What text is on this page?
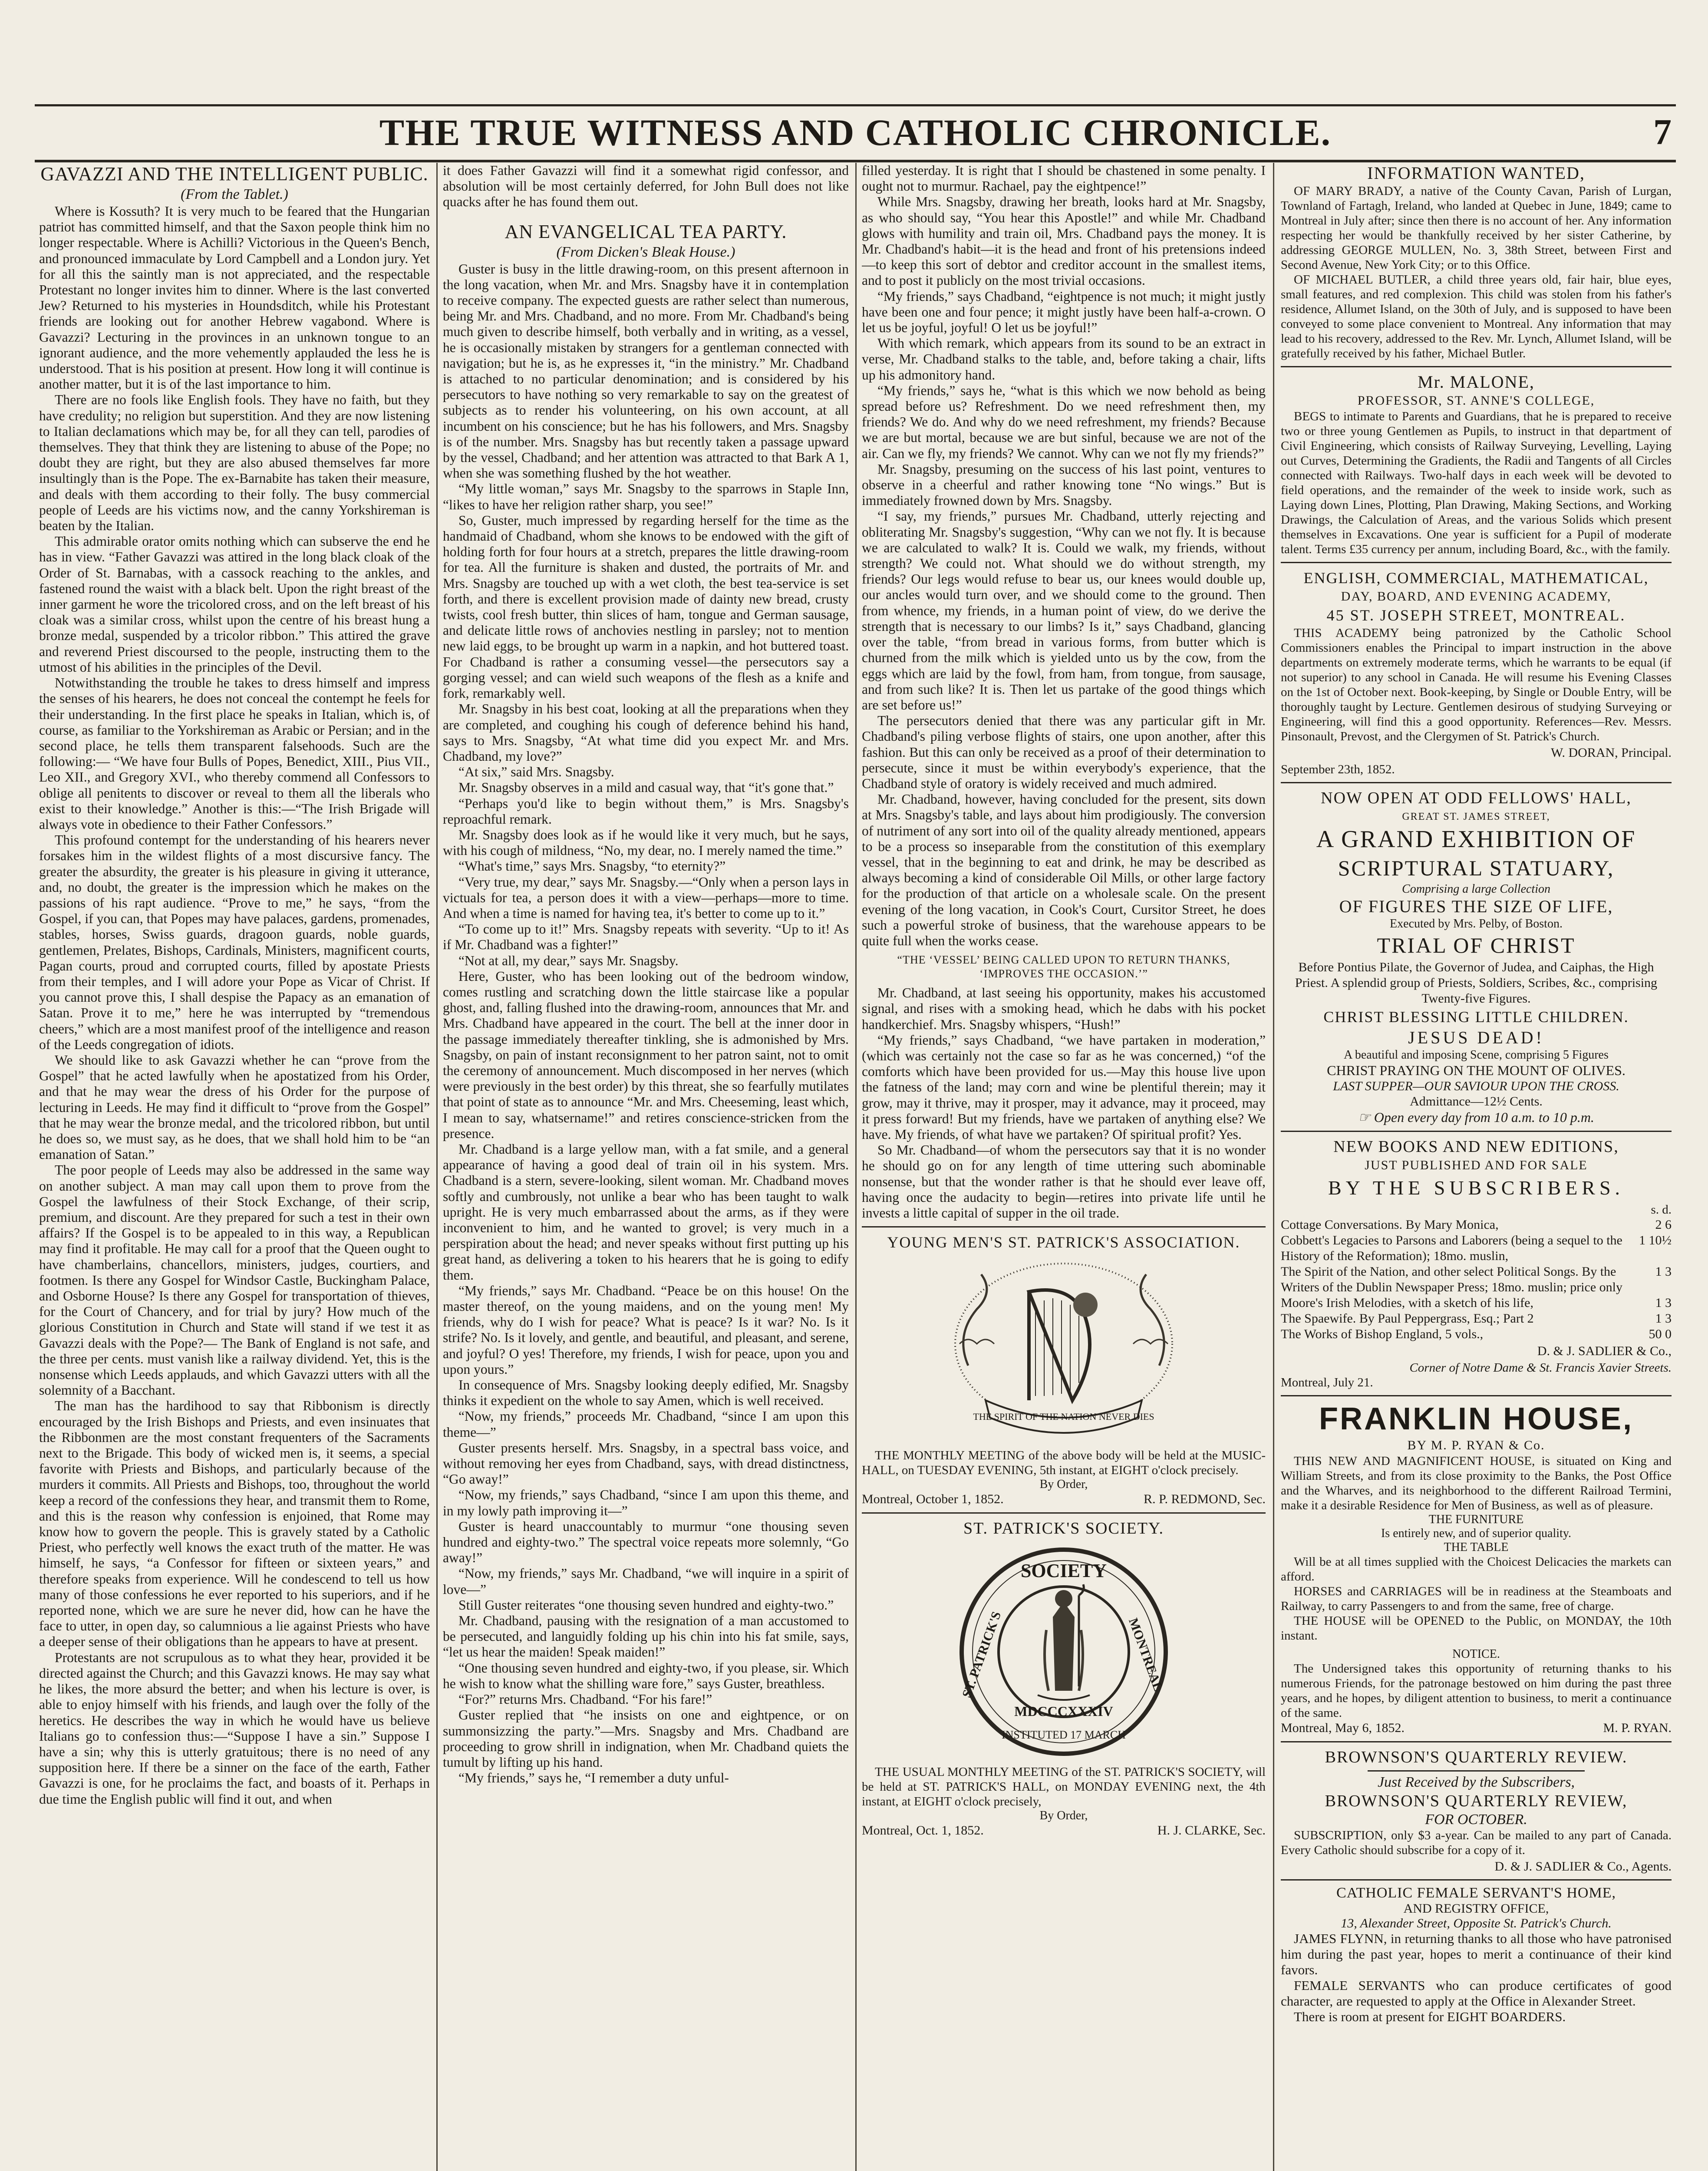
THE TRUE WITNESS AND CATHOLIC CHRONICLE.	7

GAVAZZI AND THE INTELLIGENT PUBLIC.

(From the Tablet.)

Where is Kossuth? It is very much to be feared that the Hungarian patriot has committed himself, and that the Saxon people think him no longer respectable. Where is Achilli? Victorious in the Queen's Bench, and pronounced immaculate by Lord Campbell and a London jury. Yet for all this the saintly man is not appreciated, and the respectable Protestant no longer invites him to dinner. Where is the last converted Jew? Returned to his mysteries in Houndsditch, while his Protestant friends are looking out for another Hebrew vagabond. Where is Gavazzi? Lecturing in the provinces in an unknown tongue to an ignorant audience, and the more vehemently applauded the less he is understood. That is his position at present. How long it will continue is another matter, but it is of the last importance to him.

There are no fools like English fools. They have no faith, but they have credulity; no religion but superstition. And they are now listening to Italian declamations which may be, for all they can tell, parodies of themselves. They that think they are listening to abuse of the Pope; no doubt they are right, but they are also abused themselves far more insultingly than is the Pope. The ex-Barnabite has taken their measure, and deals with them according to their folly. The busy commercial people of Leeds are his victims now, and the canny Yorkshireman is beaten by the Italian.

This admirable orator omits nothing which can subserve the end he has in view. “Father Gavazzi was attired in the long black cloak of the Order of St. Barnabas, with a cassock reaching to the ankles, and fastened round the waist with a black belt. Upon the right breast of the inner garment he wore the tricolored cross, and on the left breast of his cloak was a similar cross, whilst upon the centre of his breast hung a bronze medal, suspended by a tricolor ribbon.” This attired the grave and reverend Priest discoursed to the people, instructing them to the utmost of his abilities in the principles of the Devil.

Notwithstanding the trouble he takes to dress himself and impress the senses of his hearers, he does not conceal the contempt he feels for their understanding. In the first place he speaks in Italian, which is, of course, as familiar to the Yorkshireman as Arabic or Persian; and in the second place, he tells them transparent falsehoods. Such are the following:— “We have four Bulls of Popes, Benedict, XIII., Pius VII., Leo XII., and Gregory XVI., who thereby commend all Confessors to oblige all penitents to discover or reveal to them all the liberals who exist to their knowledge.” Another is this:—“The Irish Brigade will always vote in obedience to their Father Confessors.”

This profound contempt for the understanding of his hearers never forsakes him in the wildest flights of a most discursive fancy. The greater the absurdity, the greater is his pleasure in giving it utterance, and, no doubt, the greater is the impression which he makes on the passions of his rapt audience. “Prove to me,” he says, “from the Gospel, if you can, that Popes may have palaces, gardens, promenades, stables, horses, Swiss guards, dragoon guards, noble guards, gentlemen, Prelates, Bishops, Cardinals, Ministers, magnificent courts, Pagan courts, proud and corrupted courts, filled by apostate Priests from their temples, and I will adore your Pope as Vicar of Christ. If you cannot prove this, I shall despise the Papacy as an emanation of Satan. Prove it to me,” here he was interrupted by “tremendous cheers,” which are a most manifest proof of the intelligence and reason of the Leeds congregation of idiots.

We should like to ask Gavazzi whether he can “prove from the Gospel” that he acted lawfully when he apostatized from his Order, and that he may wear the dress of his Order for the purpose of lecturing in Leeds. He may find it difficult to “prove from the Gospel” that he may wear the bronze medal, and the tricolored ribbon, but until he does so, we must say, as he does, that we shall hold him to be “an emanation of Satan.”

The poor people of Leeds may also be addressed in the same way on another subject. A man may call upon them to prove from the Gospel the lawfulness of their Stock Exchange, of their scrip, premium, and discount. Are they prepared for such a test in their own affairs? If the Gospel is to be appealed to in this way, a Republican may find it profitable. He may call for a proof that the Queen ought to have chamberlains, chancellors, ministers, judges, courtiers, and footmen. Is there any Gospel for Windsor Castle, Buckingham Palace, and Osborne House? Is there any Gospel for transportation of thieves, for the Court of Chancery, and for trial by jury? How much of the glorious Constitution in Church and State will stand if we test it as Gavazzi deals with the Pope?— The Bank of England is not safe, and the three per cents. must vanish like a railway dividend. Yet, this is the nonsense which Leeds applauds, and which Gavazzi utters with all the solemnity of a Bacchant.

The man has the hardihood to say that Ribbonism is directly encouraged by the Irish Bishops and Priests, and even insinuates that the Ribbonmen are the most constant frequenters of the Sacraments next to the Brigade. This body of wicked men is, it seems, a special favorite with Priests and Bishops, and particularly because of the murders it commits. All Priests and Bishops, too, throughout the world keep a record of the confessions they hear, and transmit them to Rome, and this is the reason why confession is enjoined, that Rome may know how to govern the people. This is gravely stated by a Catholic Priest, who perfectly well knows the exact truth of the matter. He was himself, he says, “a Confessor for fifteen or sixteen years,” and therefore speaks from experience. Will he condescend to tell us how many of those confessions he ever reported to his superiors, and if he reported none, which we are sure he never did, how can he have the face to utter, in open day, so calumnious a lie against Priests who have a deeper sense of their obligations than he appears to have at present.

Protestants are not scrupulous as to what they hear, provided it be directed against the Church; and this Gavazzi knows. He may say what he likes, the more absurd the better; and when his lecture is over, is able to enjoy himself with his friends, and laugh over the folly of the heretics. He describes the way in which he would have us believe Italians go to confession thus:—“Suppose I have a sin.” Suppose I have a sin; why this is utterly gratuitous; there is no need of any supposition here. If there be a sinner on the face of the earth, Father Gavazzi is one, for he proclaims the fact, and boasts of it. Perhaps in due time the English public will find it out, and when

it does Father Gavazzi will find it a somewhat rigid confessor, and absolution will be most certainly deferred, for John Bull does not like quacks after he has found them out.

AN EVANGELICAL TEA PARTY.

(From Dicken's Bleak House.)

Guster is busy in the little drawing-room, on this present afternoon in the long vacation, when Mr. and Mrs. Snagsby have it in contemplation to receive company. The expected guests are rather select than numerous, being Mr. and Mrs. Chadband, and no more. From Mr. Chadband's being much given to describe himself, both verbally and in writing, as a vessel, he is occasionally mistaken by strangers for a gentleman connected with navigation; but he is, as he expresses it, “in the ministry.” Mr. Chadband is attached to no particular denomination; and is considered by his persecutors to have nothing so very remarkable to say on the greatest of subjects as to render his volunteering, on his own account, at all incumbent on his conscience; but he has his followers, and Mrs. Snagsby is of the number. Mrs. Snagsby has but recently taken a passage upward by the vessel, Chadband; and her attention was attracted to that Bark A 1, when she was something flushed by the hot weather.

“My little woman,” says Mr. Snagsby to the sparrows in Staple Inn, “likes to have her religion rather sharp, you see!”

So, Guster, much impressed by regarding herself for the time as the handmaid of Chadband, whom she knows to be endowed with the gift of holding forth for four hours at a stretch, prepares the little drawing-room for tea. All the furniture is shaken and dusted, the portraits of Mr. and Mrs. Snagsby are touched up with a wet cloth, the best tea-service is set forth, and there is excellent provision made of dainty new bread, crusty twists, cool fresh butter, thin slices of ham, tongue and German sausage, and delicate little rows of anchovies nestling in parsley; not to mention new laid eggs, to be brought up warm in a napkin, and hot buttered toast. For Chadband is rather a consuming vessel—the persecutors say a gorging vessel; and can wield such weapons of the flesh as a knife and fork, remarkably well.

Mr. Snagsby in his best coat, looking at all the preparations when they are completed, and coughing his cough of deference behind his hand, says to Mrs. Snagsby, “At what time did you expect Mr. and Mrs. Chadband, my love?”

“At six,” said Mrs. Snagsby.

Mr. Snagsby observes in a mild and casual way, that “it's gone that.”

“Perhaps you'd like to begin without them,” is Mrs. Snagsby's reproachful remark.

Mr. Snagsby does look as if he would like it very much, but he says, with his cough of mildness, “No, my dear, no. I merely named the time.”

“What's time,” says Mrs. Snagsby, “to eternity?”

“Very true, my dear,” says Mr. Snagsby.—“Only when a person lays in victuals for tea, a person does it with a view—perhaps—more to time. And when a time is named for having tea, it's better to come up to it.”

“To come up to it!” Mrs. Snagsby repeats with severity. “Up to it! As if Mr. Chadband was a fighter!”

“Not at all, my dear,” says Mr. Snagsby.

Here, Guster, who has been looking out of the bedroom window, comes rustling and scratching down the little staircase like a popular ghost, and, falling flushed into the drawing-room, announces that Mr. and Mrs. Chadband have appeared in the court. The bell at the inner door in the passage immediately thereafter tinkling, she is admonished by Mrs. Snagsby, on pain of instant reconsignment to her patron saint, not to omit the ceremony of announcement. Much discomposed in her nerves (which were previously in the best order) by this threat, she so fearfully mutilates that point of state as to announce “Mr. and Mrs. Cheeseming, least which, I mean to say, whatsername!” and retires conscience-stricken from the presence.

Mr. Chadband is a large yellow man, with a fat smile, and a general appearance of having a good deal of train oil in his system. Mrs. Chadband is a stern, severe-looking, silent woman. Mr. Chadband moves softly and cumbrously, not unlike a bear who has been taught to walk upright. He is very much embarrassed about the arms, as if they were inconvenient to him, and he wanted to grovel; is very much in a perspiration about the head; and never speaks without first putting up his great hand, as delivering a token to his hearers that he is going to edify them.

“My friends,” says Mr. Chadband. “Peace be on this house! On the master thereof, on the young maidens, and on the young men! My friends, why do I wish for peace? What is peace? Is it war? No. Is it strife? No. Is it lovely, and gentle, and beautiful, and pleasant, and serene, and joyful? O yes! Therefore, my friends, I wish for peace, upon you and upon yours.”

In consequence of Mrs. Snagsby looking deeply edified, Mr. Snagsby thinks it expedient on the whole to say Amen, which is well received.

“Now, my friends,” proceeds Mr. Chadband, “since I am upon this theme—”

Guster presents herself. Mrs. Snagsby, in a spectral bass voice, and without removing her eyes from Chadband, says, with dread distinctness, “Go away!”

“Now, my friends,” says Chadband, “since I am upon this theme, and in my lowly path improving it—”

Guster is heard unaccountably to murmur “one thousing seven hundred and eighty-two.” The spectral voice repeats more solemnly, “Go away!”

“Now, my friends,” says Mr. Chadband, “we will inquire in a spirit of love—”

Still Guster reiterates “one thousing seven hundred and eighty-two.”

Mr. Chadband, pausing with the resignation of a man accustomed to be persecuted, and languidly folding up his chin into his fat smile, says, “let us hear the maiden! Speak maiden!”

“One thousing seven hundred and eighty-two, if you please, sir. Which he wish to know what the shilling ware fore,” says Guster, breathless.

“For?” returns Mrs. Chadband. “For his fare!”

Guster replied that “he insists on one and eightpence, or on summonsizzing the party.”—Mrs. Snagsby and Mrs. Chadband are proceeding to grow shrill in indignation, when Mr. Chadband quiets the tumult by lifting up his hand.

“My friends,” says he, “I remember a duty unful-

filled yesterday. It is right that I should be chastened in some penalty. I ought not to murmur. Rachael, pay the eightpence!”

While Mrs. Snagsby, drawing her breath, looks hard at Mr. Snagsby, as who should say, “You hear this Apostle!” and while Mr. Chadband glows with humility and train oil, Mrs. Chadband pays the money. It is Mr. Chadband's habit—it is the head and front of his pretensions indeed—to keep this sort of debtor and creditor account in the smallest items, and to post it publicly on the most trivial occasions.

“My friends,” says Chadband, “eightpence is not much; it might justly have been one and four pence; it might justly have been half-a-crown. O let us be joyful, joyful! O let us be joyful!”

With which remark, which appears from its sound to be an extract in verse, Mr. Chadband stalks to the table, and, before taking a chair, lifts up his admonitory hand.

“My friends,” says he, “what is this which we now behold as being spread before us? Refreshment. Do we need refreshment then, my friends? We do. And why do we need refreshment, my friends? Because we are but mortal, because we are but sinful, because we are not of the air. Can we fly, my friends? We cannot. Why can we not fly my friends?”

Mr. Snagsby, presuming on the success of his last point, ventures to observe in a cheerful and rather knowing tone “No wings.” But is immediately frowned down by Mrs. Snagsby.

“I say, my friends,” pursues Mr. Chadband, utterly rejecting and obliterating Mr. Snagsby's suggestion, “Why can we not fly. It is because we are calculated to walk? It is. Could we walk, my friends, without strength? We could not. What should we do without strength, my friends? Our legs would refuse to bear us, our knees would double up, our ancles would turn over, and we should come to the ground. Then from whence, my friends, in a human point of view, do we derive the strength that is necessary to our limbs? Is it,” says Chadband, glancing over the table, “from bread in various forms, from butter which is churned from the milk which is yielded unto us by the cow, from the eggs which are laid by the fowl, from ham, from tongue, from sausage, and from such like? It is. Then let us partake of the good things which are set before us!”

The persecutors denied that there was any particular gift in Mr. Chadband's piling verbose flights of stairs, one upon another, after this fashion. But this can only be received as a proof of their determination to persecute, since it must be within everybody's experience, that the Chadband style of oratory is widely received and much admired.

Mr. Chadband, however, having concluded for the present, sits down at Mrs. Snagsby's table, and lays about him prodigiously. The conversion of nutriment of any sort into oil of the quality already mentioned, appears to be a process so inseparable from the constitution of this exemplary vessel, that in the beginning to eat and drink, he may be described as always becoming a kind of considerable Oil Mills, or other large factory for the production of that article on a wholesale scale. On the present evening of the long vacation, in Cook's Court, Cursitor Street, he does such a powerful stroke of business, that the warehouse appears to be quite full when the works cease.

“THE ‘VESSEL’ BEING CALLED UPON TO RETURN THANKS, ‘IMPROVES THE OCCASION.’”

Mr. Chadband, at last seeing his opportunity, makes his accustomed signal, and rises with a smoking head, which he dabs with his pocket handkerchief. Mrs. Snagsby whispers, “Hush!”

“My friends,” says Chadband, “we have partaken in moderation,” (which was certainly not the case so far as he was concerned,) “of the comforts which have been provided for us.—May this house live upon the fatness of the land; may corn and wine be plentiful therein; may it grow, may it thrive, may it prosper, may it advance, may it proceed, may it press forward! But my friends, have we partaken of anything else? We have. My friends, of what have we partaken? Of spiritual profit? Yes.

So Mr. Chadband—of whom the persecutors say that it is no wonder he should go on for any length of time uttering such abominable nonsense, but that the wonder rather is that he should ever leave off, having once the audacity to begin—retires into private life until he invests a little capital of supper in the oil trade.

YOUNG MEN'S ST. PATRICK'S ASSOCIATION.

THE SPIRIT OF THE NATION NEVER DIES

THE MONTHLY MEETING of the above body will be held at the MUSIC-HALL, on TUESDAY EVENING, 5th instant, at EIGHT o'clock precisely.

By Order,

Montreal, October 1, 1852.	R. P. REDMOND, Sec.

ST. PATRICK'S SOCIETY.

SOCIETY
ST. PATRICK'S	MONTREAL
INSTITUTED 17 MARCH
MDCCCXXXIV

THE USUAL MONTHLY MEETING of the ST. PATRICK'S SOCIETY, will be held at ST. PATRICK'S HALL, on MONDAY EVENING next, the 4th instant, at EIGHT o'clock precisely,

By Order,

Montreal, Oct. 1, 1852.	H. J. CLARKE, Sec.

INFORMATION WANTED,

OF MARY BRADY, a native of the County Cavan, Parish of Lurgan, Townland of Fartagh, Ireland, who landed at Quebec in June, 1849; came to Montreal in July after; since then there is no account of her. Any information respecting her would be thankfully received by her sister Catherine, by addressing GEORGE MULLEN, No. 3, 38th Street, between First and Second Avenue, New York City; or to this Office.

OF MICHAEL BUTLER, a child three years old, fair hair, blue eyes, small features, and red complexion. This child was stolen from his father's residence, Allumet Island, on the 30th of July, and is supposed to have been conveyed to some place convenient to Montreal. Any information that may lead to his recovery, addressed to the Rev. Mr. Lynch, Allumet Island, will be gratefully received by his father, Michael Butler.

Mr. MALONE,

PROFESSOR, ST. ANNE'S COLLEGE,

BEGS to intimate to Parents and Guardians, that he is prepared to receive two or three young Gentlemen as Pupils, to instruct in that department of Civil Engineering, which consists of Railway Surveying, Levelling, Laying out Curves, Determining the Gradients, the Radii and Tangents of all Circles connected with Railways. Two-half days in each week will be devoted to field operations, and the remainder of the week to inside work, such as Laying down Lines, Plotting, Plan Drawing, Making Sections, and Working Drawings, the Calculation of Areas, and the various Solids which present themselves in Excavations. One year is sufficient for a Pupil of moderate talent. Terms £35 currency per annum, including Board, &c., with the family.

ENGLISH, COMMERCIAL, MATHEMATICAL,

DAY, BOARD, AND EVENING ACADEMY,

45 ST. JOSEPH STREET, MONTREAL.

THIS ACADEMY being patronized by the Catholic School Commissioners enables the Principal to impart instruction in the above departments on extremely moderate terms, which he warrants to be equal (if not superior) to any school in Canada. He will resume his Evening Classes on the 1st of October next. Book-keeping, by Single or Double Entry, will be thoroughly taught by Lecture. Gentlemen desirous of studying Surveying or Engineering, will find this a good opportunity. References—Rev. Messrs. Pinsonault, Prevost, and the Clergymen of St. Patrick's Church.

W. DORAN, Principal.

September 23th, 1852.

NOW OPEN AT ODD FELLOWS' HALL,

GREAT ST. JAMES STREET,

A GRAND EXHIBITION OF

SCRIPTURAL STATUARY,

Comprising a large Collection

OF FIGURES THE SIZE OF LIFE,

Executed by Mrs. Pelby, of Boston.

TRIAL OF CHRIST

Before Pontius Pilate, the Governor of Judea, and Caiphas, the High Priest. A splendid group of Priests, Soldiers, Scribes, &c., comprising Twenty-five Figures.

CHRIST BLESSING LITTLE CHILDREN.

JESUS DEAD!

A beautiful and imposing Scene, comprising 5 Figures

CHRIST PRAYING ON THE MOUNT OF OLIVES.

LAST SUPPER—OUR SAVIOUR UPON THE CROSS.

Admittance—12½ Cents.

☞ Open every day from 10 a.m. to 10 p.m.

NEW BOOKS AND NEW EDITIONS,

JUST PUBLISHED AND FOR SALE

BY THE SUBSCRIBERS.

s. d.

Cottage Conversations. By Mary Monica,	2 6
Cobbett's Legacies to Parsons and Laborers (being a sequel to the History of the Reformation); 18mo. muslin,
1 10½
The Spirit of the Nation, and other select Political Songs. By the Writers of the Dublin Newspaper Press; 18mo. muslin; price only
1 3
Moore's Irish Melodies, with a sketch of his life,	1 3
The Spaewife. By Paul Peppergrass, Esq.; Part 2	1 3
The Works of Bishop England, 5 vols.,	50 0

D. & J. SADLIER & Co.,

Corner of Notre Dame & St. Francis Xavier Streets.

Montreal, July 21.

FRANKLIN HOUSE,

BY M. P. RYAN & Co.

THIS NEW AND MAGNIFICENT HOUSE, is situated on King and William Streets, and from its close proximity to the Banks, the Post Office and the Wharves, and its neighborhood to the different Railroad Termini, make it a desirable Residence for Men of Business, as well as of pleasure.

THE FURNITURE

Is entirely new, and of superior quality.

THE TABLE

Will be at all times supplied with the Choicest Delicacies the markets can afford.

HORSES and CARRIAGES will be in readiness at the Steamboats and Railway, to carry Passengers to and from the same, free of charge.

THE HOUSE will be OPENED to the Public, on MONDAY, the 10th instant.

NOTICE.

The Undersigned takes this opportunity of returning thanks to his numerous Friends, for the patronage bestowed on him during the past three years, and he hopes, by diligent attention to business, to merit a continuance of the same.

Montreal, May 6, 1852.	M. P. RYAN.

BROWNSON'S QUARTERLY REVIEW.

Just Received by the Subscribers,

BROWNSON'S QUARTERLY REVIEW,

FOR OCTOBER.

SUBSCRIPTION, only $3 a-year. Can be mailed to any part of Canada. Every Catholic should subscribe for a copy of it.

D. & J. SADLIER & Co., Agents.

CATHOLIC FEMALE SERVANT'S HOME,

AND REGISTRY OFFICE,

13, Alexander Street, Opposite St. Patrick's Church.

JAMES FLYNN, in returning thanks to all those who have patronised him during the past year, hopes to merit a continuance of their kind favors.

FEMALE SERVANTS who can produce certificates of good character, are requested to apply at the Office in Alexander Street.

There is room at present for EIGHT BOARDERS.
